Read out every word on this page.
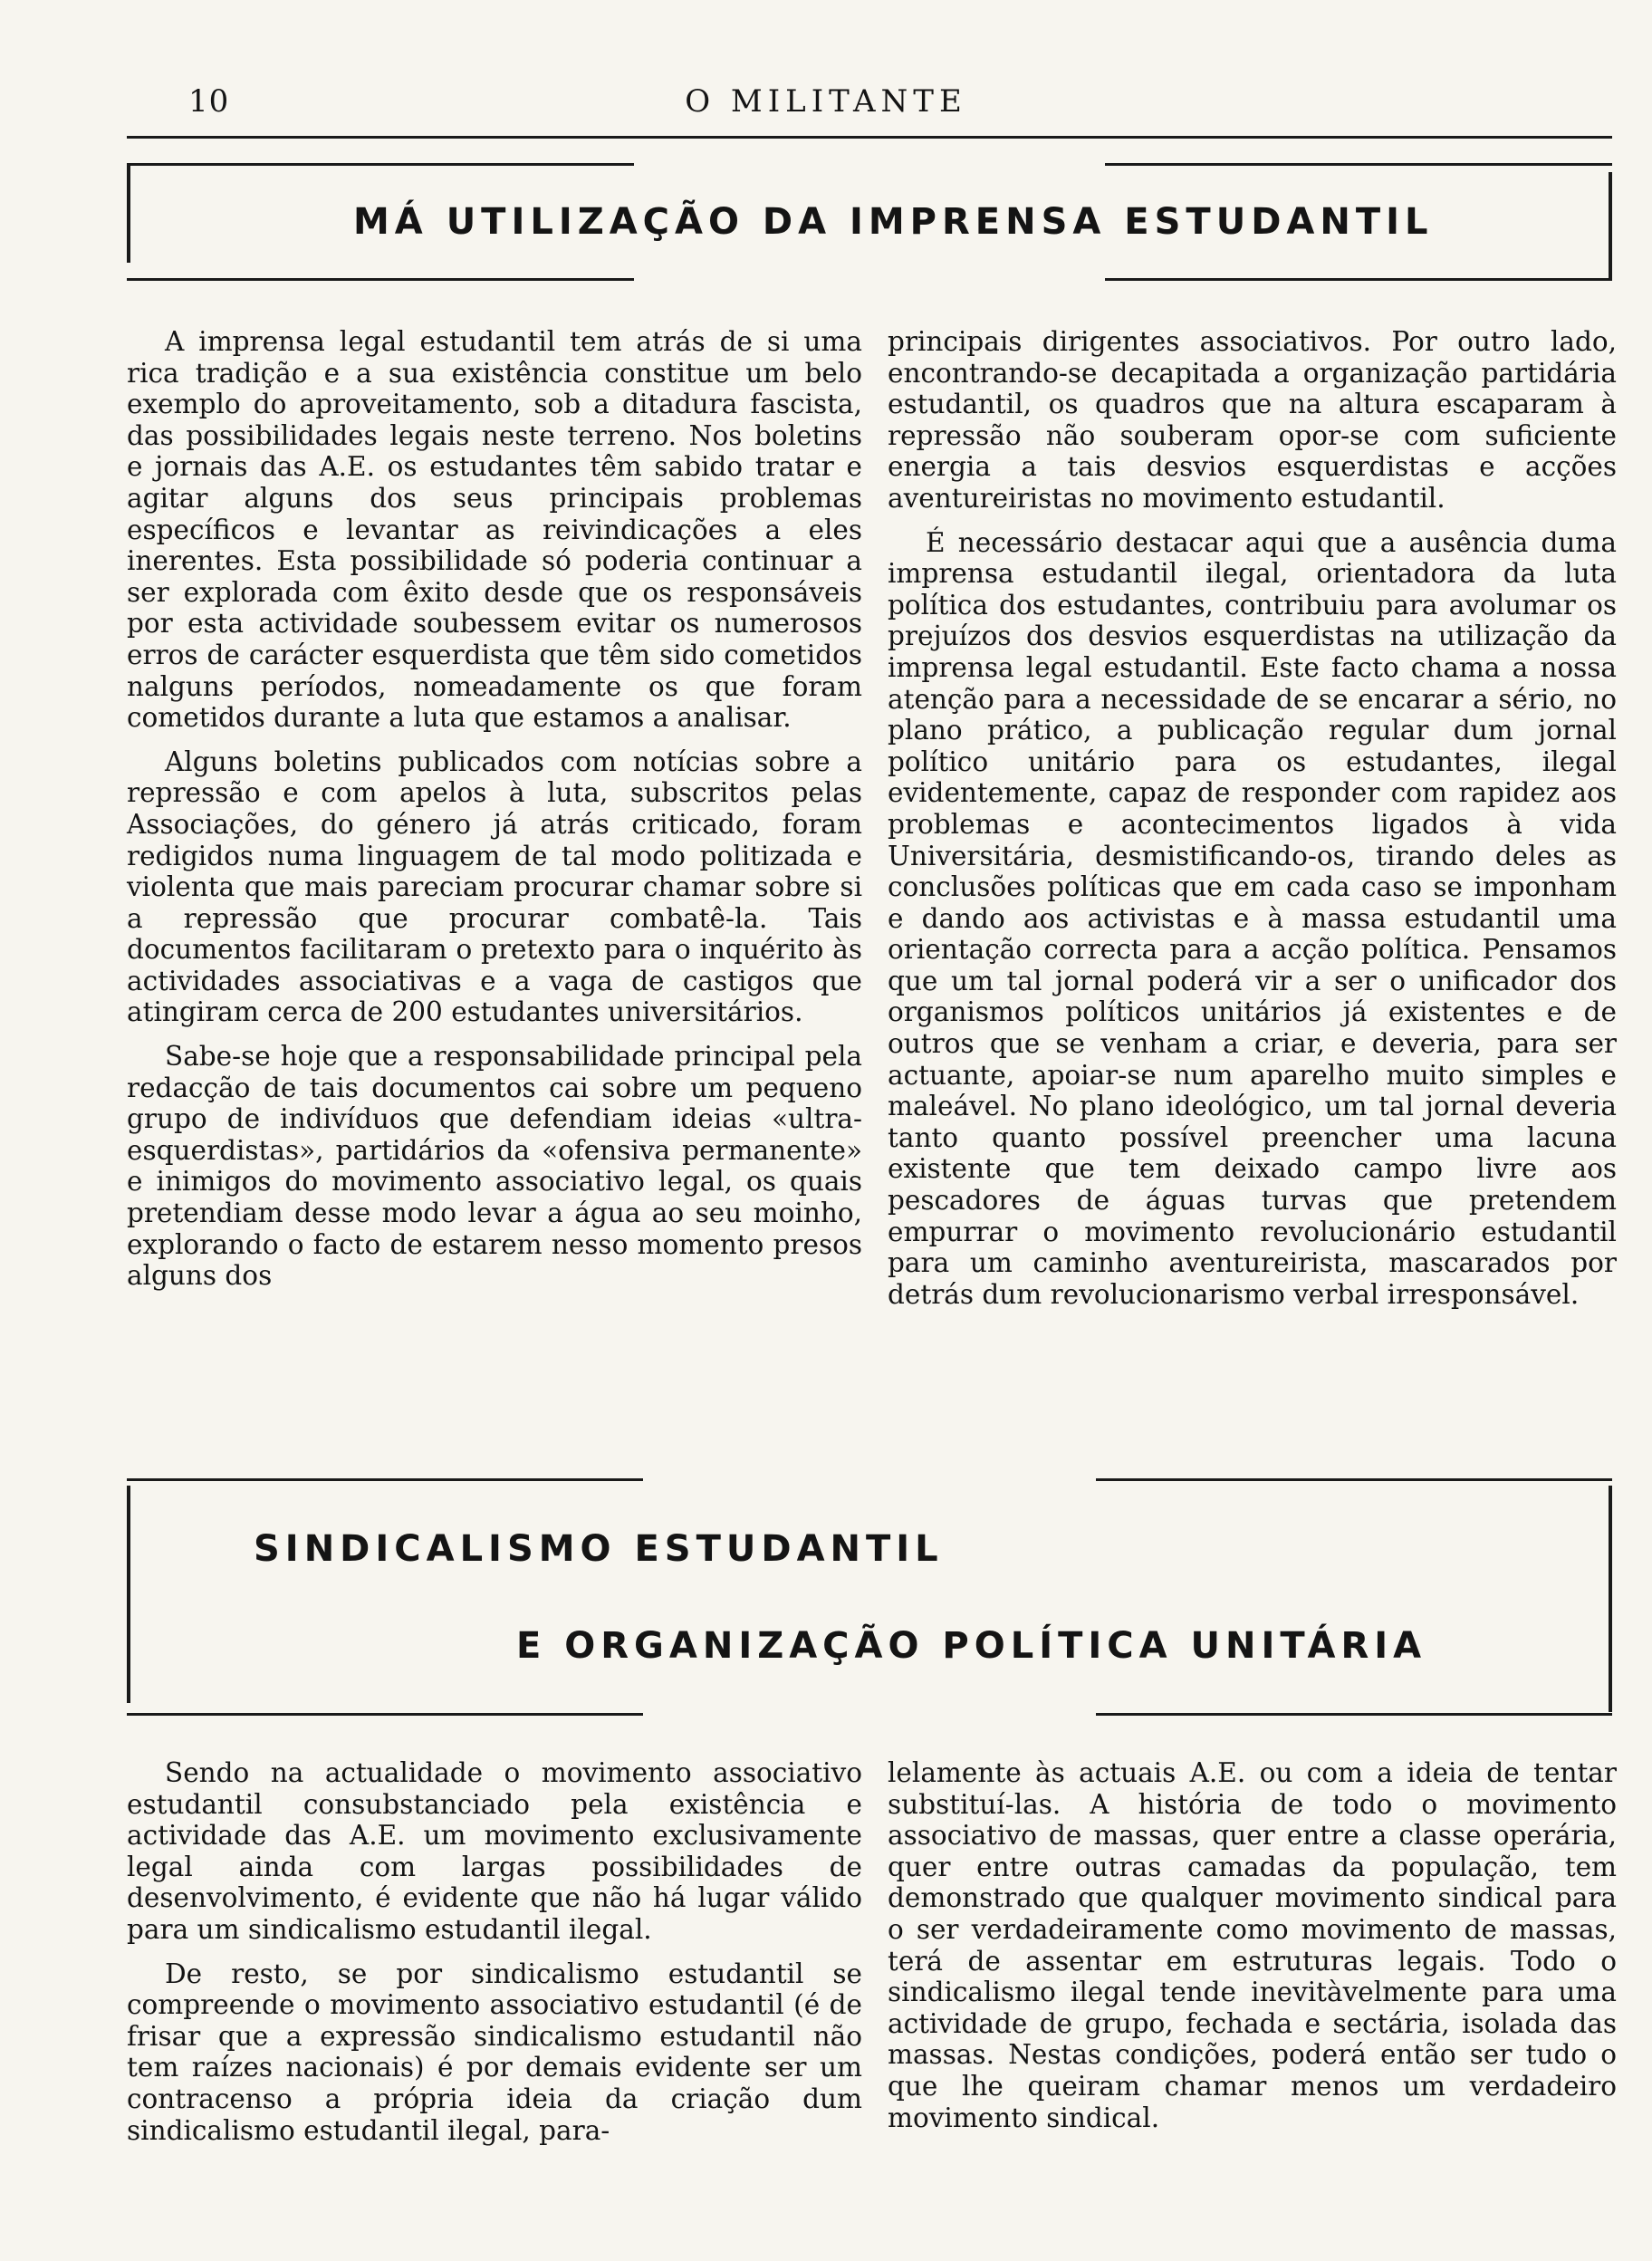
10	O MILITANTE
MÁ UTILIZAÇÃO DA IMPRENSA ESTUDANTIL

A imprensa legal estudantil tem atrás de si uma rica tradição e a sua existência constitue um belo exemplo do aproveitamento, sob a ditadura fascista, das possibilidades legais neste terreno. Nos boletins e jornais das A.E. os estudantes têm sabido tratar e agitar alguns dos seus principais problemas específicos e levantar as reivindicações a eles inerentes. Esta possibilidade só poderia continuar a ser explorada com êxito desde que os responsáveis por esta actividade soubessem evitar os numerosos erros de carácter esquerdista que têm sido cometidos nalguns períodos, nomeadamente os que foram cometidos durante a luta que estamos a analisar.

Alguns boletins publicados com notícias sobre a repressão e com apelos à luta, subscritos pelas Associações, do género já atrás criticado, foram redigidos numa linguagem de tal modo politizada e violenta que mais pareciam procurar chamar sobre si a repressão que procurar combatê-la. Tais documentos facilitaram o pretexto para o inquérito às actividades associativas e a vaga de castigos que atingiram cerca de 200 estudantes universitários.

Sabe-se hoje que a responsabilidade principal pela redacção de tais documentos cai sobre um pequeno grupo de indivíduos que defendiam ideias «ultra-esquerdistas», partidários da «ofensiva permanente» e inimigos do movimento associativo legal, os quais pretendiam desse modo levar a água ao seu moinho, explorando o facto de estarem nesso momento presos alguns dos

principais dirigentes associativos. Por outro lado, encontrando-se decapitada a organização partidária estudantil, os quadros que na altura escaparam à repressão não souberam opor-se com suficiente energia a tais desvios esquerdistas e acções aventureiristas no movimento estudantil.

É necessário destacar aqui que a ausência duma imprensa estudantil ilegal, orientadora da luta política dos estudantes, contribuiu para avolumar os prejuízos dos desvios esquerdistas na utilização da imprensa legal estudantil. Este facto chama a nossa atenção para a necessidade de se encarar a sério, no plano prático, a publicação regular dum jornal político unitário para os estudantes, ilegal evidentemente, capaz de responder com rapidez aos problemas e acontecimentos ligados à vida Universitária, desmistificando-os, tirando deles as conclusões políticas que em cada caso se imponham e dando aos activistas e à massa estudantil uma orientação correcta para a acção política. Pensamos que um tal jornal poderá vir a ser o unificador dos organismos políticos unitários já existentes e de outros que se venham a criar, e deveria, para ser actuante, apoiar-se num aparelho muito simples e maleável. No plano ideológico, um tal jornal deveria tanto quanto possível preencher uma lacuna existente que tem deixado campo livre aos pescadores de águas turvas que pretendem empurrar o movimento revolucionário estudantil para um caminho aventureirista, mascarados por detrás dum revolucionarismo verbal irresponsável.

SINDICALISMO ESTUDANTIL
E ORGANIZAÇÃO POLÍTICA UNITÁRIA

Sendo na actualidade o movimento associativo estudantil consubstanciado pela existência e actividade das A.E. um movimento exclusivamente legal ainda com largas possibilidades de desenvolvimento, é evidente que não há lugar válido para um sindicalismo estudantil ilegal.

De resto, se por sindicalismo estudantil se compreende o movimento associativo estudantil (é de frisar que a expressão sindicalismo estudantil não tem raízes nacionais) é por demais evidente ser um contracenso a própria ideia da criação dum sindicalismo estudantil ilegal, para-

lelamente às actuais A.E. ou com a ideia de tentar substituí-las. A história de todo o movimento associativo de massas, quer entre a classe operária, quer entre outras camadas da população, tem demonstrado que qualquer movimento sindical para o ser verdadeiramente como movimento de massas, terá de assentar em estruturas legais. Todo o sindicalismo ilegal tende inevitàvelmente para uma actividade de grupo, fechada e sectária, isolada das massas. Nestas condições, poderá então ser tudo o que lhe queiram chamar menos um verdadeiro movimento sindical.
